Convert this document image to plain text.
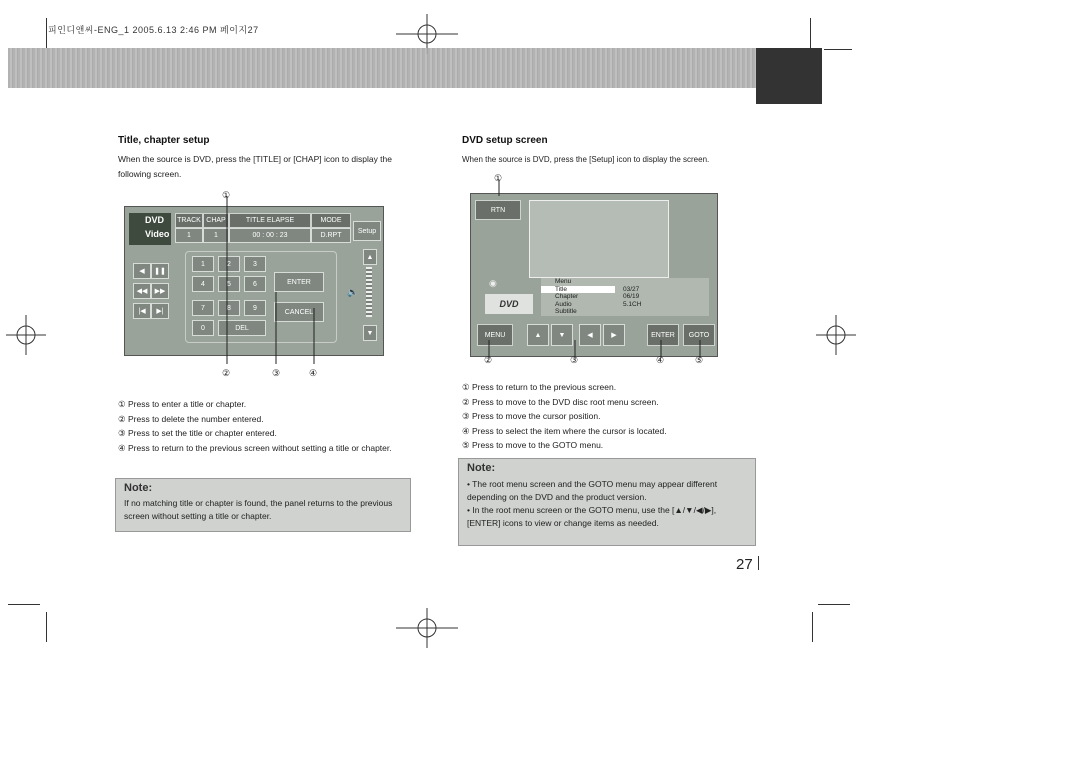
피인디앤씨-ENG_1 2005.6.13 2:46 PM 페이지27
Title, chapter setup
When the source is DVD, press the [TITLE] or [CHAP] icon to display the following screen.
①
DVD
Video
TRACK CHAP	TITLE ELAPSE	MODE
1	1	00 : 00 : 23	D.RPT
Setup
◀	❚❚
◀◀	▶▶
|◀	▶|
1	2	3
4	5	6
7	8	9
0	DEL
ENTER
CANCEL
▲
🔈
▼
②	③	④
① Press to enter a title or chapter.
② Press to delete the number entered.
③ Press to set the title or chapter entered.
④ Press to return to the previous screen without setting a title or chapter.
Note:
If no matching title or chapter is found, the panel returns to the previous screen without setting a title or chapter.
DVD setup screen
When the source is DVD, press the [Setup] icon to display the screen.
①
RTN
◉
DVD
Menu
Title	03/27
Chapter	06/19
Audio	5.1CH
Subtitle
MENU	▲	▼	◀	▶	ENTER	GOTO
②	③	④	⑤
① Press to return to the previous screen.
② Press to move to the DVD disc root menu screen.
③ Press to move the cursor position.
④ Press to select the item where the cursor is located.
⑤ Press to move to the GOTO menu.
Note:
• The root menu screen and the GOTO menu may appear different depending on the DVD and the product version.
• In the root menu screen or the GOTO menu, use the [▲/▼/◀/▶], [ENTER] icons to view or change items as needed.
27
